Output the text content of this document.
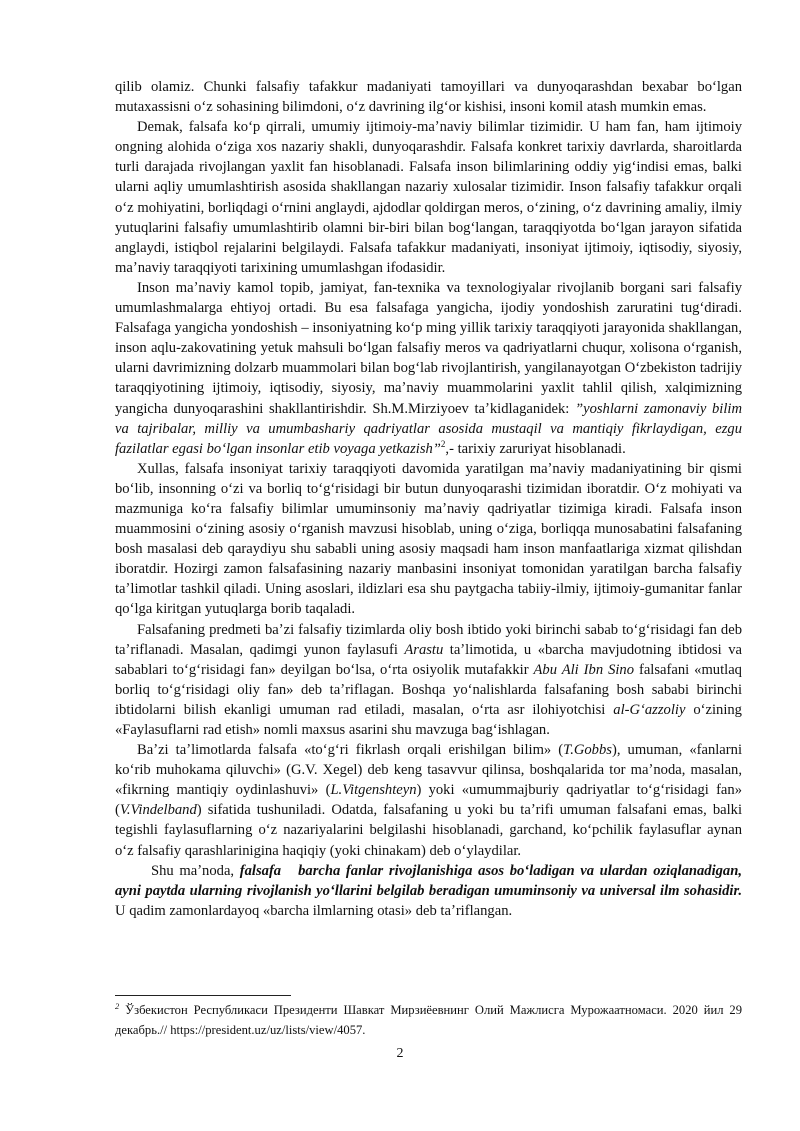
qilib olamiz. Chunki falsafiy tafakkur madaniyati tamoyillari va dunyoqarashdan bexabar boʻlgan mutaxassisni oʻz sohasining bilimdoni, oʻz davrining ilgʻor kishisi, insoni komil atash mumkin emas.

Demak, falsafa koʻp qirrali, umumiy ijtimoiy-maʼnaviy bilimlar tizimidir. U ham fan, ham ijtimoiy ongning alohida oʻziga xos nazariy shakli, dunyoqarashdir. Falsafa konkret tarixiy davrlarda, sharoitlarda turli darajada rivojlangan yaxlit fan hisoblanadi. Falsafa inson bilimlarining oddiy yigʻindisi emas, balki ularni aqliy umumlashtirish asosida shakllangan nazariy xulosalar tizimidir. Inson falsafiy tafakkur orqali oʻz mohiyatini, borliqdagi oʻrnini anglaydi, ajdodlar qoldirgan meros, oʻzining, oʻz davrining amaliy, ilmiy yutuqlarini falsafiy umumlashtirib olamni bir-biri bilan bogʻlangan, taraqqiyotda boʻlgan jarayon sifatida anglaydi, istiqbol rejalarini belgilaydi. Falsafa tafakkur madaniyati, insoniyat ijtimoiy, iqtisodiy, siyosiy, maʼnaviy taraqqiyoti tarixining umumlashgan ifodasidir.

Inson maʼnaviy kamol topib, jamiyat, fan-texnika va texnologiyalar rivojlanib borgani sari falsafiy umumlashmalarga ehtiyoj ortadi. Bu esa falsafaga yangicha, ijodiy yondoshish zaruratini tugʻdiradi. Falsafaga yangicha yondoshish – insoniyatning koʻp ming yillik tarixiy taraqqiyoti jarayonida shakllangan, inson aqlu-zakovatining yetuk mahsuli boʻlgan falsafiy meros va qadriyatlarni chuqur, xolisona oʻrganish, ularni davrimizning dolzarb muammolari bilan bogʻlab rivojlantirish, yangilanayotgan Oʻzbekiston tadrijiy taraqqiyotining ijtimoiy, iqtisodiy, siyosiy, maʼnaviy muammolarini yaxlit tahlil qilish, xalqimizning yangicha dunyoqarashini shakllantirishdir. Sh.M.Mirziyoev taʼkidlaganidek: ”yoshlarni zamonaviy bilim va tajribalar, milliy va umumbashariy qadriyatlar asosida mustaqil va mantiqiy fikrlaydigan, ezgu fazilatlar egasi boʻlgan insonlar etib voyaga yetkazish”$^2$,- tarixiy zaruriyat hisoblanadi.

Xullas, falsafa insoniyat tarixiy taraqqiyoti davomida yaratilgan maʼnaviy madaniyatining bir qismi boʻlib, insonning oʻzi va borliq toʻgʻrisidagi bir butun dunyoqarashi tizimidan iboratdir. Oʻz mohiyati va mazmuniga koʻra falsafiy bilimlar umuminsoniy maʼnaviy qadriyatlar tizimiga kiradi. Falsafa inson muammosini oʻzining asosiy oʻrganish mavzusi hisoblab, uning oʻziga, borliqqa munosabatini falsafaning bosh masalasi deb qaraydiyu shu sababli uning asosiy maqsadi ham inson manfaatlariga xizmat qilishdan iboratdir. Hozirgi zamon falsafasining nazariy manbasini insoniyat tomonidan yaratilgan barcha falsafiy taʼlimotlar tashkil qiladi. Uning asoslari, ildizlari esa shu paytgacha tabiiy-ilmiy, ijtimoiy-gumanitar fanlar qoʻlga kiritgan yutuqlarga borib taqaladi.

Falsafaning predmeti baʼzi falsafiy tizimlarda oliy bosh ibtido yoki birinchi sabab toʻgʻrisidagi fan deb taʼriflanadi. Masalan, qadimgi yunon faylasufi Arastu taʼlimotida, u «barcha mavjudotning ibtidosi va sabablari toʻgʻrisidagi fan» deyilgan boʻlsa, oʻrta osiyolik mutafakkir Abu Ali Ibn Sino falsafani «mutlaq borliq toʻgʻrisidagi oliy fan» deb taʼriflagan. Boshqa yoʻnalishlarda falsafaning bosh sababi birinchi ibtidolarni bilish ekanligi umuman rad etiladi, masalan, oʻrta asr ilohiyotchisi al-Gʻazzoliy oʻzining «Faylasuflarni rad etish» nomli maxsus asarini shu mavzuga bagʻishlagan.

Baʼzi taʼlimotlarda falsafa «toʻgʻri fikrlash orqali erishilgan bilim» (T.Gobbs), umuman, «fanlarni koʻrib muhokama qiluvchi» (G.V. Xegel) deb keng tasavvur qilinsa, boshqalarida tor maʼnoda, masalan, «fikrning mantiqiy oydinlashuvi» (L.Vitgenshteyn) yoki «umummajburiy qadriyatlar toʻgʻrisidagi fan» (V.Vindelband) sifatida tushuniladi. Odatda, falsafaning u yoki bu taʼrifi umuman falsafani emas, balki tegishli faylasuflarning oʻz nazariyalarini belgilashi hisoblanadi, garchand, koʻpchilik faylasuflar aynan oʻz falsafiy qarashlarinigina haqiqiy (yoki chinakam) deb oʻylaydilar.

Shu maʼnoda, falsafa barcha fanlar rivojlanishiga asos boʻladigan va ulardan oziqlanadigan, ayni paytda ularning rivojlanish yoʻllarini belgilab beradigan umuminsoniy va universal ilm sohasidir. U qadim zamonlardayoq «barcha ilmlarning otasi» deb taʼriflangan.

$^2$ Ўзбекистон Республикаси Президенти Шавкат Мирзиёевнинг Олий Мажлисга Мурожаатномаси. 2020 йил 29 декабрь.// https://president.uz/uz/lists/view/4057.
2
